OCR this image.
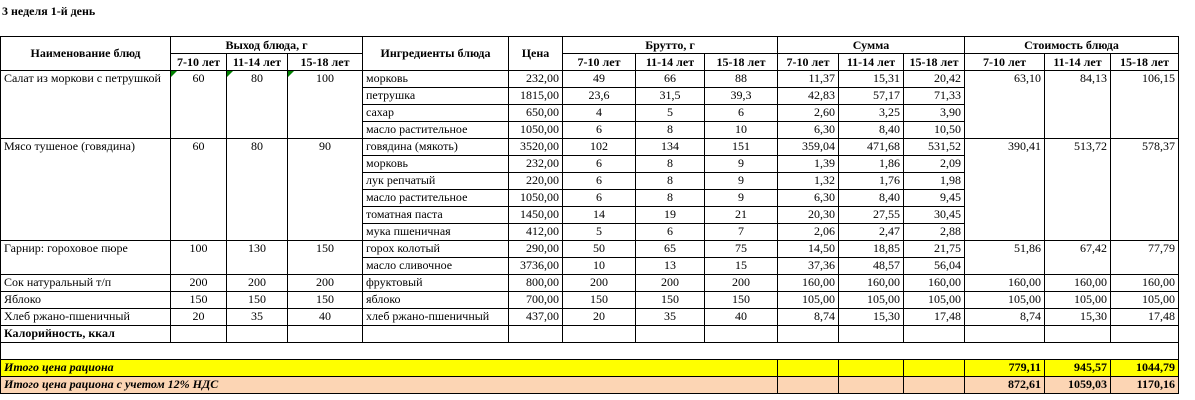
3 неделя 1-й день
Наименование блюд	Выход блюда, г			Ингредиенты блюда	Цена	Брутто, г			Сумма			Стоимость блюда		
	7-10 лет	11-14 лет	15-18 лет			7-10 лет	11-14 лет	15-18 лет	7-10 лет	11-14 лет	15-18 лет	7-10 лет	11-14 лет	15-18 лет
Салат из моркови с петрушкой	60	80	100	морковь	232,00	49	66	88	11,37	15,31	20,42	63,10	84,13	106,15
				петрушка	1815,00	23,6	31,5	39,3	42,83	57,17	71,33			
				сахар	650,00	4	5	6	2,60	3,25	3,90			
				масло растительное	1050,00	6	8	10	6,30	8,40	10,50			
Мясо тушеное (говядина)	60	80	90	говядина (мякоть)	3520,00	102	134	151	359,04	471,68	531,52	390,41	513,72	578,37
				морковь	232,00	6	8	9	1,39	1,86	2,09			
				лук репчатый	220,00	6	8	9	1,32	1,76	1,98			
				масло растительное	1050,00	6	8	9	6,30	8,40	9,45			
				томатная паста	1450,00	14	19	21	20,30	27,55	30,45			
				мука пшеничная	412,00	5	6	7	2,06	2,47	2,88			
Гарнир: гороховое пюре	100	130	150	горох колотый	290,00	50	65	75	14,50	18,85	21,75	51,86	67,42	77,79
				масло сливочное	3736,00	10	13	15	37,36	48,57	56,04			
Сок натуральный т/п	200	200	200	фруктовый	800,00	200	200	200	160,00	160,00	160,00	160,00	160,00	160,00
Яблоко	150	150	150	яблоко	700,00	150	150	150	105,00	105,00	105,00	105,00	105,00	105,00
Хлеб ржано-пшеничный	20	35	40	хлеб ржано-пшеничный	437,00	20	35	40	8,74	15,30	17,48	8,74	15,30	17,48
Калорийность, ккал														

Итого цена рациона												779,11	945,57	1044,79
Итого цена рациона с учетом 12% НДС												872,61	1059,03	1170,16
